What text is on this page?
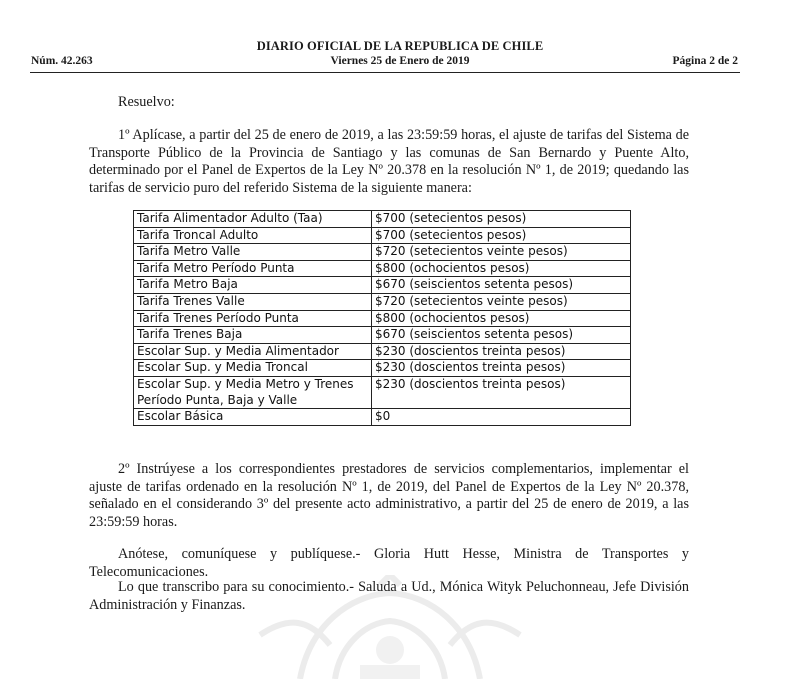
DIARIO OFICIAL DE LA REPUBLICA DE CHILE
Núm. 42.263	Viernes 25 de Enero de 2019	Página 2 de 2

Resuelvo:

1º Aplícase, a partir del 25 de enero de 2019, a las 23:59:59 horas, el ajuste de tarifas del Sistema de Transporte Público de la Provincia de Santiago y las comunas de San Bernardo y Puente Alto, determinado por el Panel de Expertos de la Ley Nº 20.378 en la resolución Nº 1, de 2019; quedando las tarifas de servicio puro del referido Sistema de la siguiente manera:

Tarifa Alimentador Adulto (Taa)	$700 (setecientos pesos)
Tarifa Troncal Adulto	$700 (setecientos pesos)
Tarifa Metro Valle	$720 (setecientos veinte pesos)
Tarifa Metro Período Punta	$800 (ochocientos pesos)
Tarifa Metro Baja	$670 (seiscientos setenta pesos)
Tarifa Trenes Valle	$720 (setecientos veinte pesos)
Tarifa Trenes Período Punta	$800 (ochocientos pesos)
Tarifa Trenes Baja	$670 (seiscientos setenta pesos)
Escolar Sup. y Media Alimentador	$230 (doscientos treinta pesos)
Escolar Sup. y Media Troncal	$230 (doscientos treinta pesos)
Escolar Sup. y Media Metro y Trenes Período Punta, Baja y Valle	$230 (doscientos treinta pesos)
Escolar Básica	$0

2º Instrúyese a los correspondientes prestadores de servicios complementarios, implementar el ajuste de tarifas ordenado en la resolución Nº 1, de 2019, del Panel de Expertos de la Ley Nº 20.378, señalado en el considerando 3º del presente acto administrativo, a partir del 25 de enero de 2019, a las 23:59:59 horas.

Anótese, comuníquese y publíquese.- Gloria Hutt Hesse, Ministra de Transportes y Telecomunicaciones.

Lo que transcribo para su conocimiento.- Saluda a Ud., Mónica Wityk Peluchonneau, Jefe División Administración y Finanzas.
